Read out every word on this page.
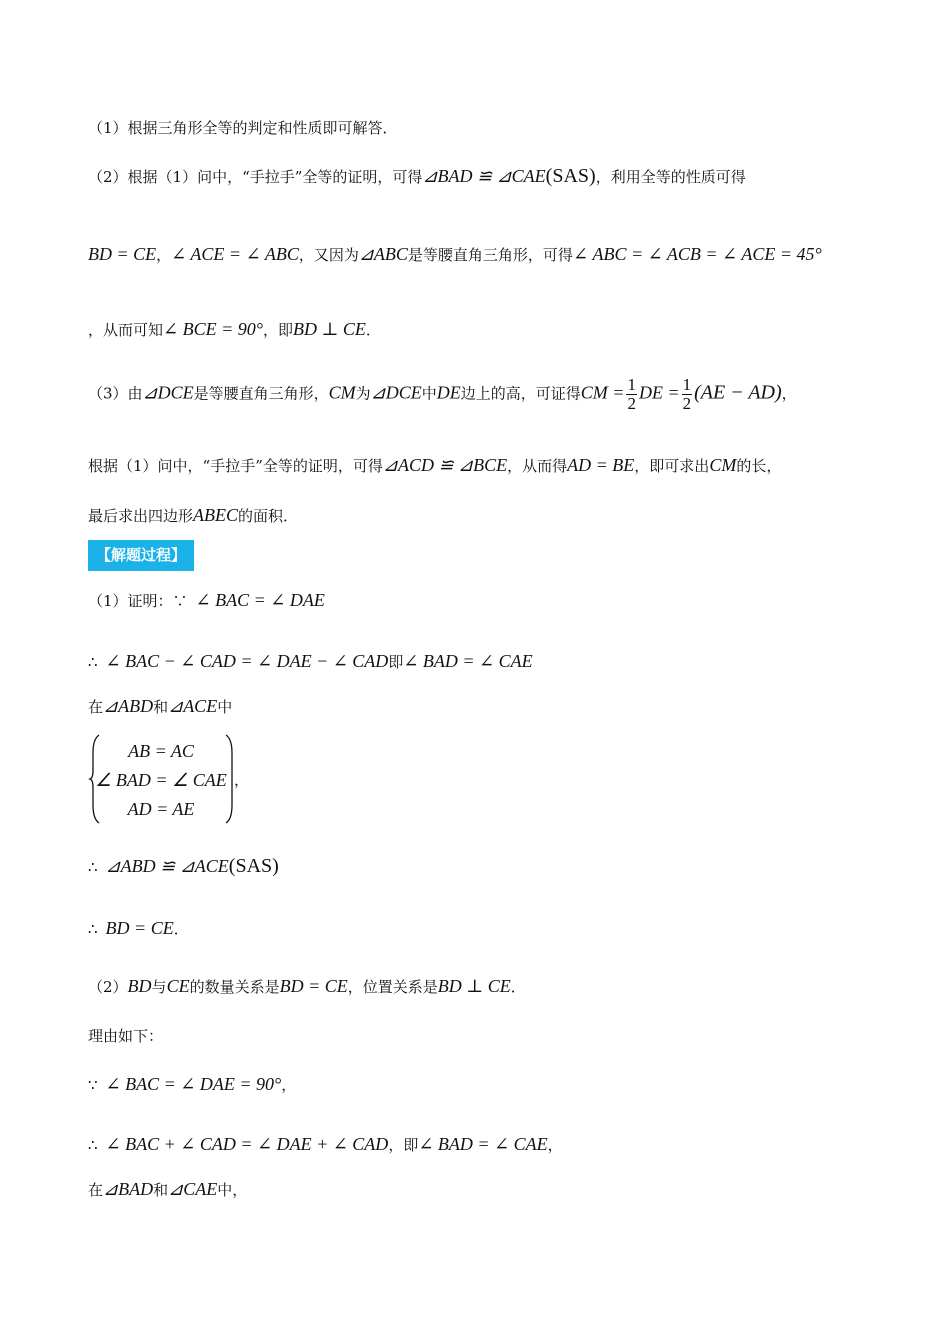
（1）根据三角形全等的判定和性质即可解答．
（2）根据（1）问中，“手拉手”全等的证明，可得⊿BAD ≌ ⊿CAE(SAS)，利用全等的性质可得
BD = CE，∠ ACE = ∠ ABC，又因为⊿ABC是等腰直角三角形，可得∠ ABC = ∠ ACB = ∠ ACE = 45°
，从而可知∠ BCE = 90°，即BD ⊥ CE．
（3）由⊿DCE是等腰直角三角形，CM为⊿DCE中DE边上的高，可证得CM = $\frac{1}{2}$ DE = $\frac{1}{2} (AE - AD)$，
根据（1）问中，“手拉手”全等的证明，可得⊿ACD ≌ ⊿BCE，从而得AD = BE，即可求出CM的长，
最后求出四边形ABEC的面积．
【解题过程】
（1）证明：∵ ∠ BAC = ∠ DAE
∴ ∠ BAC − ∠ CAD = ∠ DAE − ∠ CAD即∠ BAD = ∠ CAE
在⊿ABD和⊿ACE中
AB = AC
∠ BAD = ∠ CAE
AD = AE
，
∴ ⊿ABD ≌ ⊿ACE(SAS)
∴ BD = CE．
（2）BD与CE的数量关系是BD = CE，位置关系是BD ⊥ CE．
理由如下：
∵ ∠ BAC = ∠ DAE = 90°，
∴ ∠ BAC + ∠ CAD = ∠ DAE + ∠ CAD，即∠ BAD = ∠ CAE，
在⊿BAD和⊿CAE中，
